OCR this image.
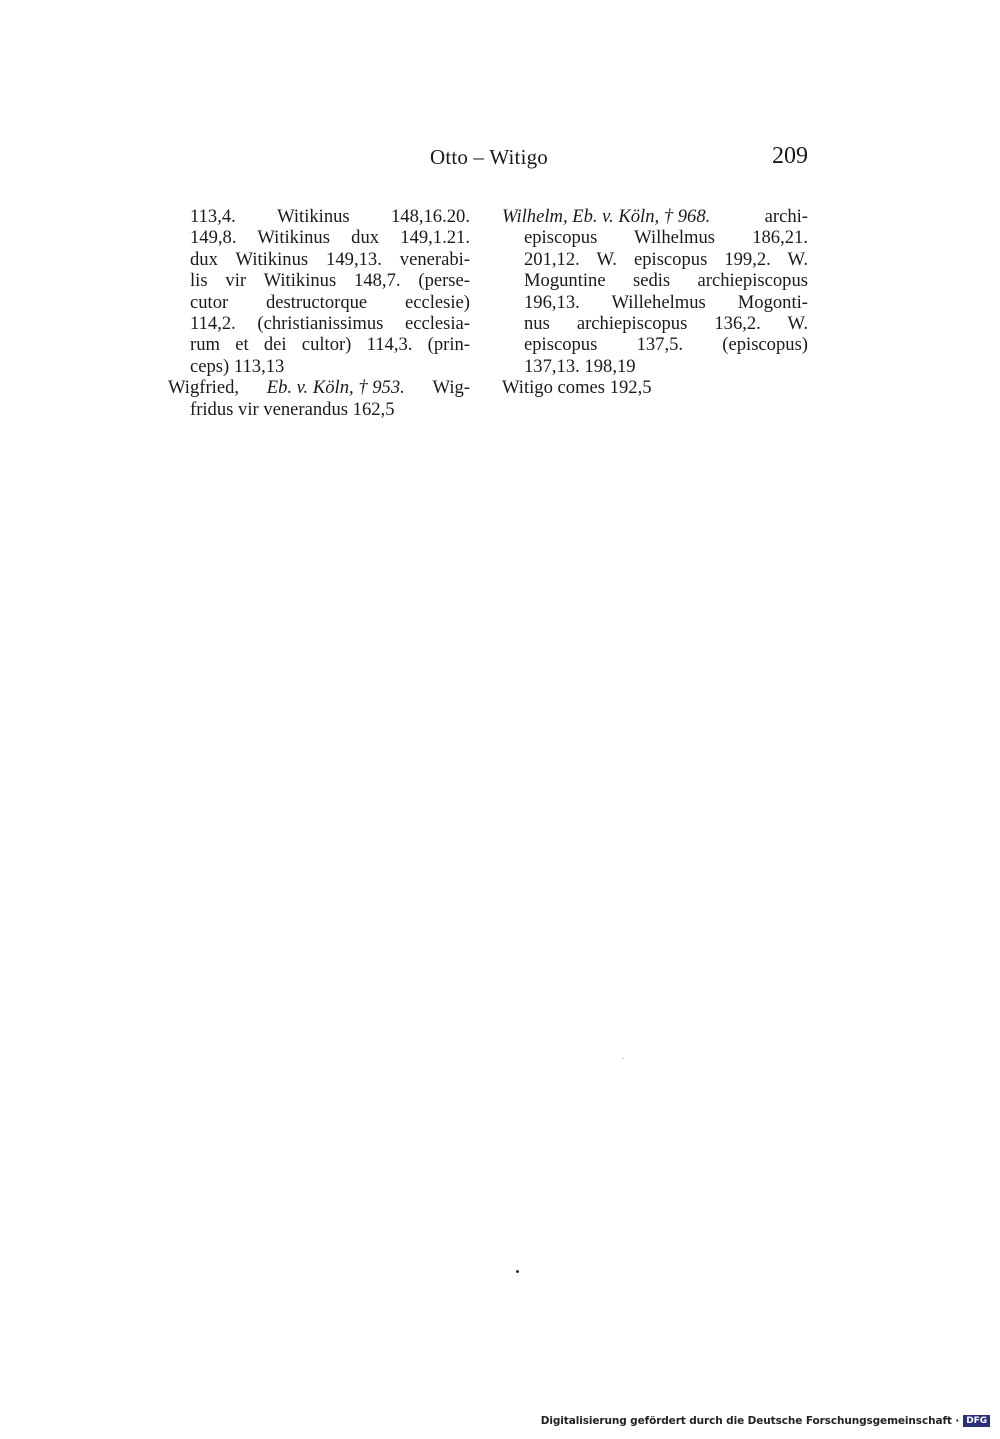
Otto – Witigo	209
113,4. Witikinus 148,16.20.
149,8. Witikinus dux 149,1.21.
dux Witikinus 149,13. venerabi-
lis vir Witikinus 148,7. (perse-
cutor destructorque ecclesie)
114,2. (christianissimus ecclesia-
rum et dei cultor) 114,3. (prin-
ceps) 113,13
Wigfried, Eb. v. Köln, † 953. Wig-
fridus vir venerandus 162,5
Wilhelm, Eb. v. Köln, † 968.	archi-
episcopus Wilhelmus 186,21.
201,12. W. episcopus 199,2. W.
Moguntine sedis archiepiscopus
196,13. Willehelmus Mogonti-
nus archiepiscopus 136,2. W.
episcopus 137,5. (episcopus)
137,13. 198,19
Witigo comes 192,5
Digitalisierung gefördert durch die Deutsche Forschungsgemeinschaft · DFG
